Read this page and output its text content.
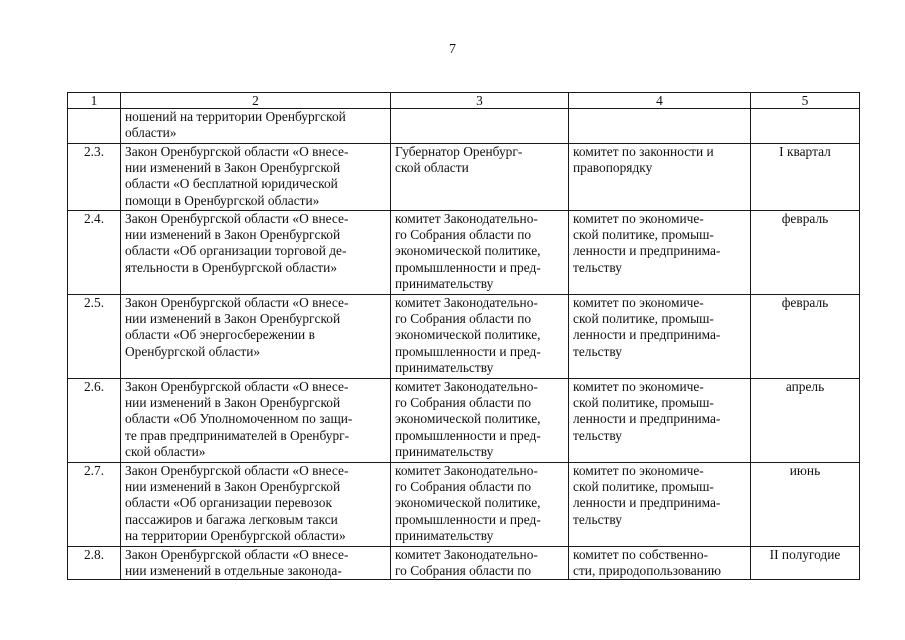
7
1	2	3	4	5

	ношений на территории Оренбургской
области»			

2.3.	Закон Оренбургской области «О внесе-
нии изменений в Закон Оренбургской
области «О бесплатной юридической
помощи в Оренбургской области»	Губернатор Оренбург-
ской области	комитет по законности и
правопорядку	I квартал

2.4.	Закон Оренбургской области «О внесе-
нии изменений в Закон Оренбургской
области «Об организации торговой де-
ятельности в Оренбургской области»	комитет Законодательно-
го Собрания области по
экономической политике,
промышленности и пред-
принимательству	комитет по экономиче-
ской политике, промыш-
ленности и предпринима-
тельству	февраль

2.5.	Закон Оренбургской области «О внесе-
нии изменений в Закон Оренбургской
области «Об энергосбережении в
Оренбургской области»	комитет Законодательно-
го Собрания области по
экономической политике,
промышленности и пред-
принимательству	комитет по экономиче-
ской политике, промыш-
ленности и предпринима-
тельству	февраль

2.6.	Закон Оренбургской области «О внесе-
нии изменений в Закон Оренбургской
области «Об Уполномоченном по защи-
те прав предпринимателей в Оренбург-
ской области»	комитет Законодательно-
го Собрания области по
экономической политике,
промышленности и пред-
принимательству	комитет по экономиче-
ской политике, промыш-
ленности и предпринима-
тельству	апрель

2.7.	Закон Оренбургской области «О внесе-
нии изменений в Закон Оренбургской
области «Об организации перевозок
пассажиров и багажа легковым такси
на территории Оренбургской области»	комитет Законодательно-
го Собрания области по
экономической политике,
промышленности и пред-
принимательству	комитет по экономиче-
ской политике, промыш-
ленности и предпринима-
тельству	июнь

2.8.	Закон Оренбургской области «О внесе-
нии изменений в отдельные законода-	комитет Законодательно-
го Собрания области по	комитет по собственно-
сти, природопользованию	II полугодие
